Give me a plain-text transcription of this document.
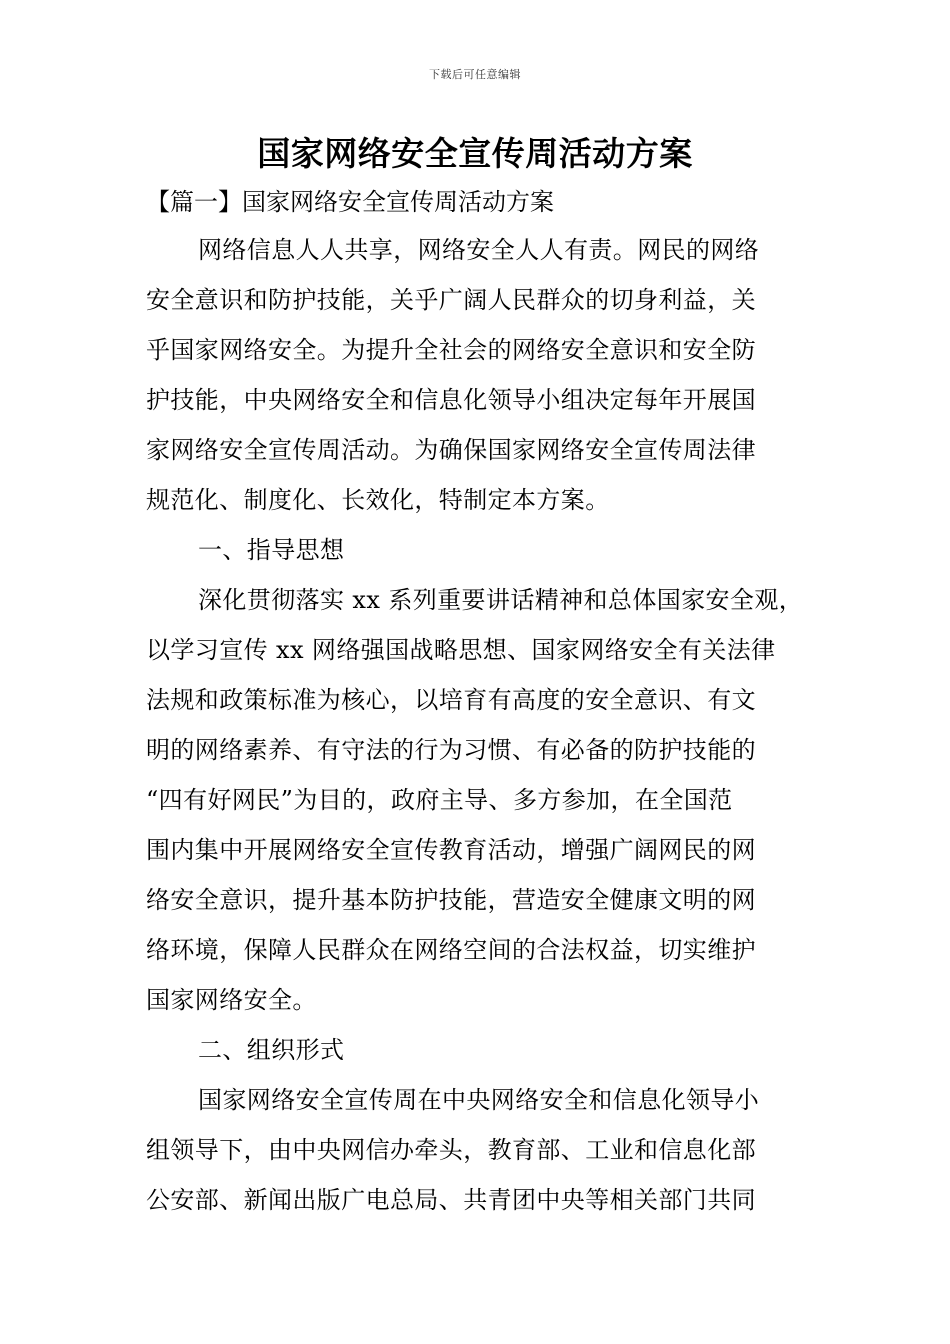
下载后可任意编辑
国家网络安全宣传周活动方案
【篇一】国家网络安全宣传周活动方案
网络信息人人共享，网络安全人人有责。网民的网络
安全意识和防护技能，关乎广阔人民群众的切身利益，关
乎国家网络安全。为提升全社会的网络安全意识和安全防
护技能，中央网络安全和信息化领导小组决定每年开展国
家网络安全宣传周活动。为确保国家网络安全宣传周法律
规范化、制度化、长效化，特制定本方案。
一、指导思想
深化贯彻落实 xx 系列重要讲话精神和总体国家安全观，
以学习宣传 xx 网络强国战略思想、国家网络安全有关法律
法规和政策标准为核心，以培育有高度的安全意识、有文
明的网络素养、有守法的行为习惯、有必备的防护技能的
“四有好网民”为目的，政府主导、多方参加，在全国范
围内集中开展网络安全宣传教育活动，增强广阔网民的网
络安全意识，提升基本防护技能，营造安全健康文明的网
络环境，保障人民群众在网络空间的合法权益，切实维护
国家网络安全。
二、组织形式
国家网络安全宣传周在中央网络安全和信息化领导小
组领导下，由中央网信办牵头，教育部、工业和信息化部
公安部、新闻出版广电总局、共青团中央等相关部门共同
